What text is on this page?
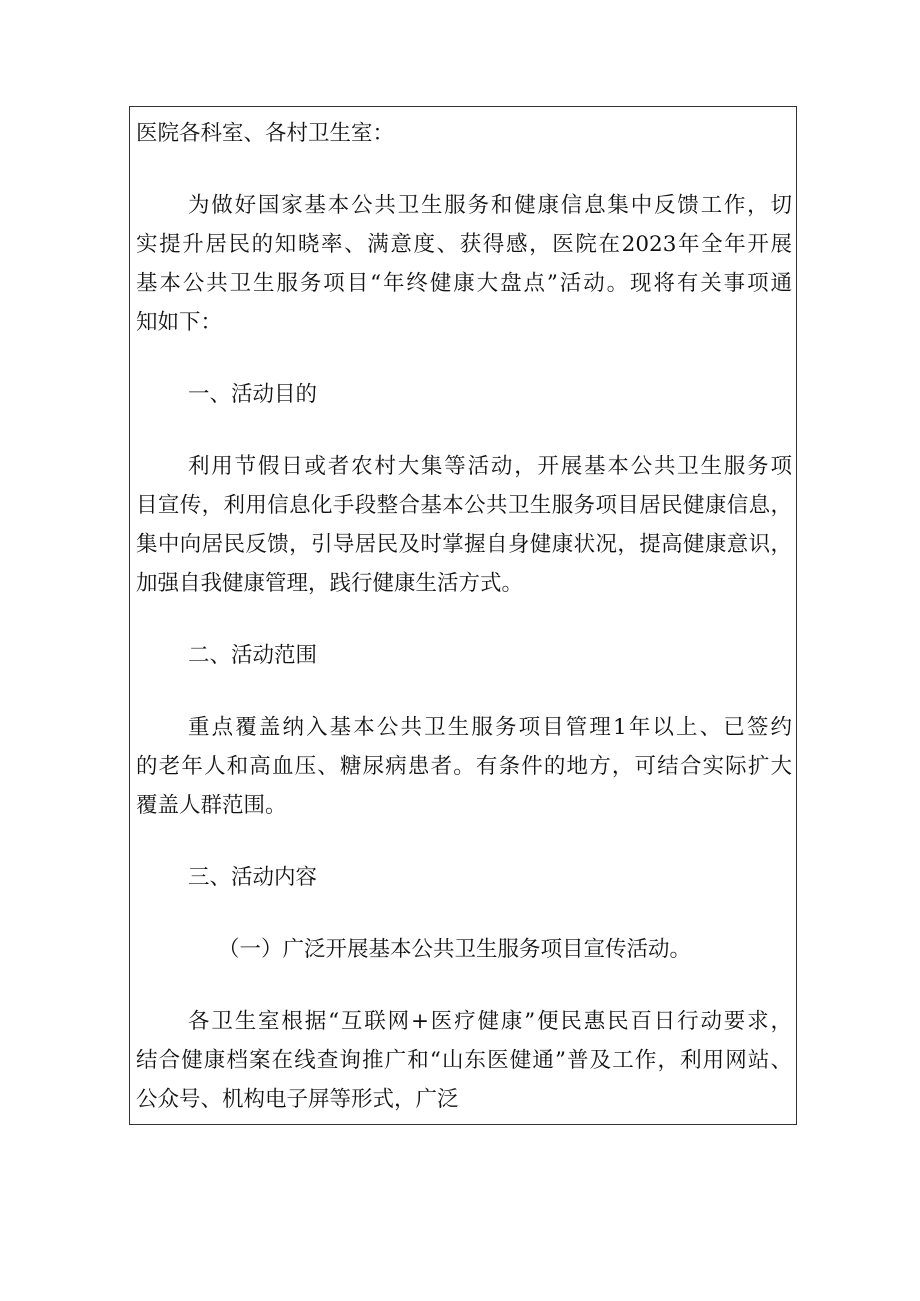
医院各科室、各村卫生室：
为做好国家基本公共卫生服务和健康信息集中反馈工作，切
实提升居民的知晓率、满意度、获得感，医院在2023年全年开展
基本公共卫生服务项目“年终健康大盘点”活动。现将有关事项通
知如下：
一、活动目的
利用节假日或者农村大集等活动，开展基本公共卫生服务项
目宣传，利用信息化手段整合基本公共卫生服务项目居民健康信息，
集中向居民反馈，引导居民及时掌握自身健康状况，提高健康意识，
加强自我健康管理，践行健康生活方式。
二、活动范围
重点覆盖纳入基本公共卫生服务项目管理1年以上、已签约
的老年人和高血压、糖尿病患者。有条件的地方，可结合实际扩大
覆盖人群范围。
三、活动内容
（一）广泛开展基本公共卫生服务项目宣传活动。
各卫生室根据“互联网+医疗健康”便民惠民百日行动要求，
结合健康档案在线查询推广和“山东医健通”普及工作，利用网站、
公众号、机构电子屏等形式，广泛
